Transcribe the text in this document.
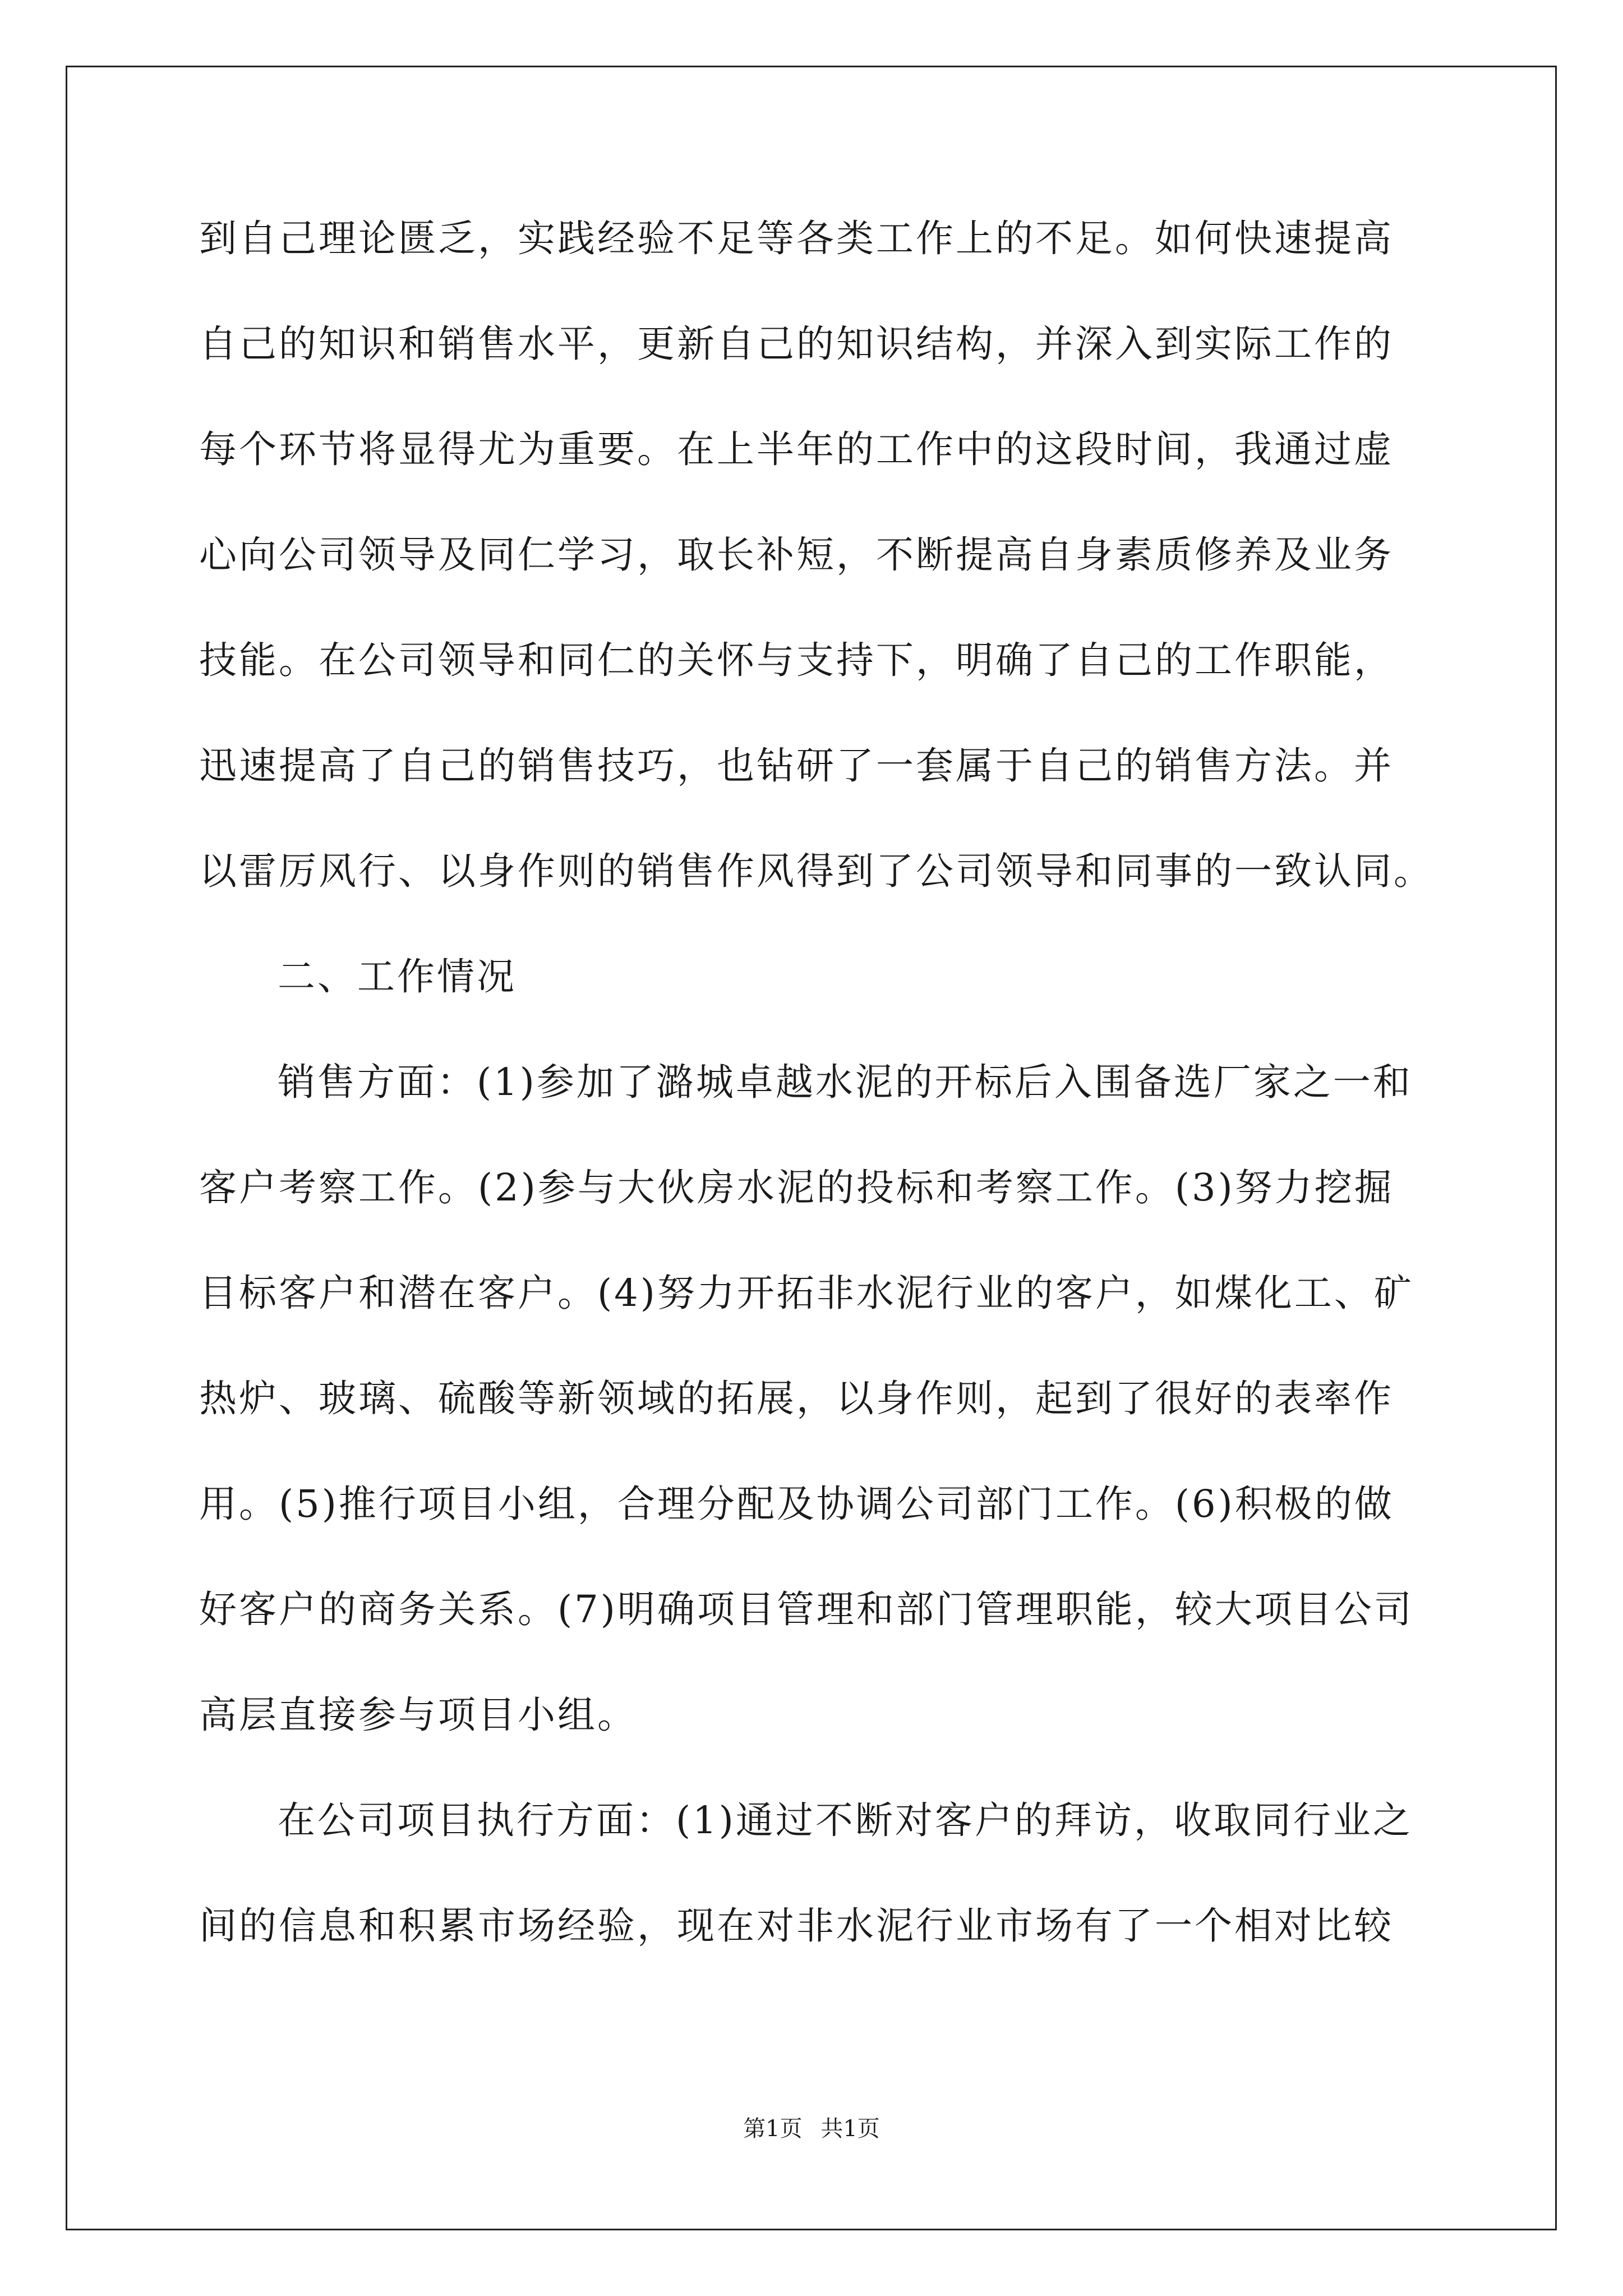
到自己理论匮乏，实践经验不足等各类工作上的不足。如何快速提高
自己的知识和销售水平，更新自己的知识结构，并深入到实际工作的
每个环节将显得尤为重要。在上半年的工作中的这段时间，我通过虚
心向公司领导及同仁学习，取长补短，不断提高自身素质修养及业务
技能。在公司领导和同仁的关怀与支持下，明确了自己的工作职能，
迅速提高了自己的销售技巧，也钻研了一套属于自己的销售方法。并
以雷厉风行、以身作则的销售作风得到了公司领导和同事的一致认同。
二、工作情况
销售方面：(1)参加了潞城卓越水泥的开标后入围备选厂家之一和
客户考察工作。(2)参与大伙房水泥的投标和考察工作。(3)努力挖掘
目标客户和潜在客户。(4)努力开拓非水泥行业的客户，如煤化工、矿
热炉、玻璃、硫酸等新领域的拓展，以身作则，起到了很好的表率作
用。(5)推行项目小组，合理分配及协调公司部门工作。(6)积极的做
好客户的商务关系。(7)明确项目管理和部门管理职能，较大项目公司
高层直接参与项目小组。
在公司项目执行方面：(1)通过不断对客户的拜访，收取同行业之
间的信息和积累市场经验，现在对非水泥行业市场有了一个相对比较
第1页 共1页
